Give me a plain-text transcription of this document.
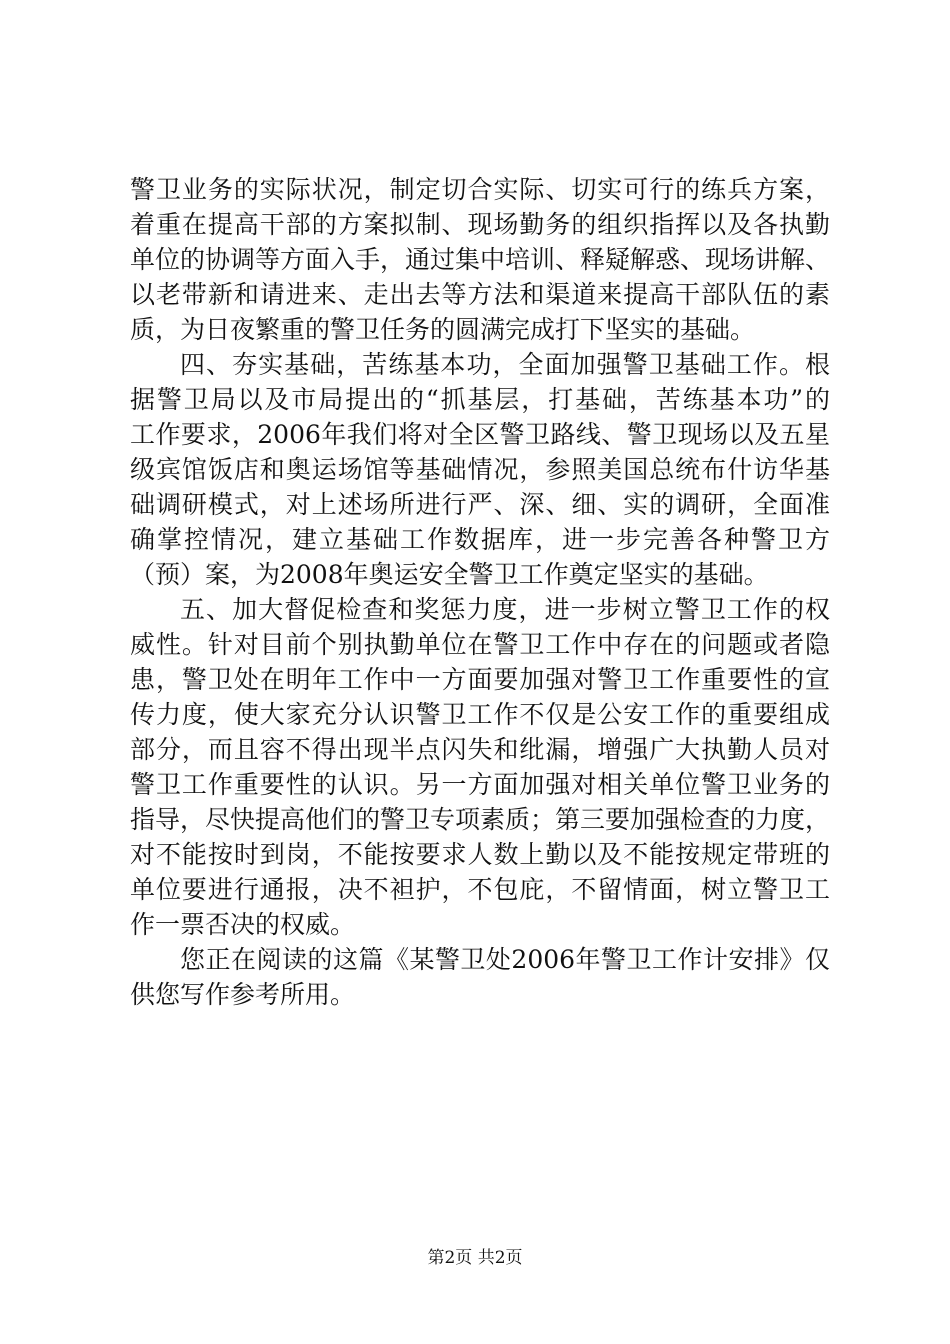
警卫业务的实际状况，制定切合实际、切实可行的练兵方案，
着重在提高干部的方案拟制、现场勤务的组织指挥以及各执勤
单位的协调等方面入手，通过集中培训、释疑解惑、现场讲解、
以老带新和请进来、走出去等方法和渠道来提高干部队伍的素
质，为日夜繁重的警卫任务的圆满完成打下坚实的基础。
四、夯实基础，苦练基本功，全面加强警卫基础工作。根
据警卫局以及市局提出的“抓基层，打基础，苦练基本功”的
工作要求，2006年我们将对全区警卫路线、警卫现场以及五星
级宾馆饭店和奥运场馆等基础情况，参照美国总统布什访华基
础调研模式，对上述场所进行严、深、细、实的调研，全面准
确掌控情况，建立基础工作数据库，进一步完善各种警卫方
（预）案，为2008年奥运安全警卫工作奠定坚实的基础。
五、加大督促检查和奖惩力度，进一步树立警卫工作的权
威性。针对目前个别执勤单位在警卫工作中存在的问题或者隐
患，警卫处在明年工作中一方面要加强对警卫工作重要性的宣
传力度，使大家充分认识警卫工作不仅是公安工作的重要组成
部分，而且容不得出现半点闪失和纰漏，增强广大执勤人员对
警卫工作重要性的认识。另一方面加强对相关单位警卫业务的
指导，尽快提高他们的警卫专项素质；第三要加强检查的力度，
对不能按时到岗，不能按要求人数上勤以及不能按规定带班的
单位要进行通报，决不袒护，不包庇，不留情面，树立警卫工
作一票否决的权威。
您正在阅读的这篇《某警卫处2006年警卫工作计安排》仅
供您写作参考所用。
第2页 共2页
